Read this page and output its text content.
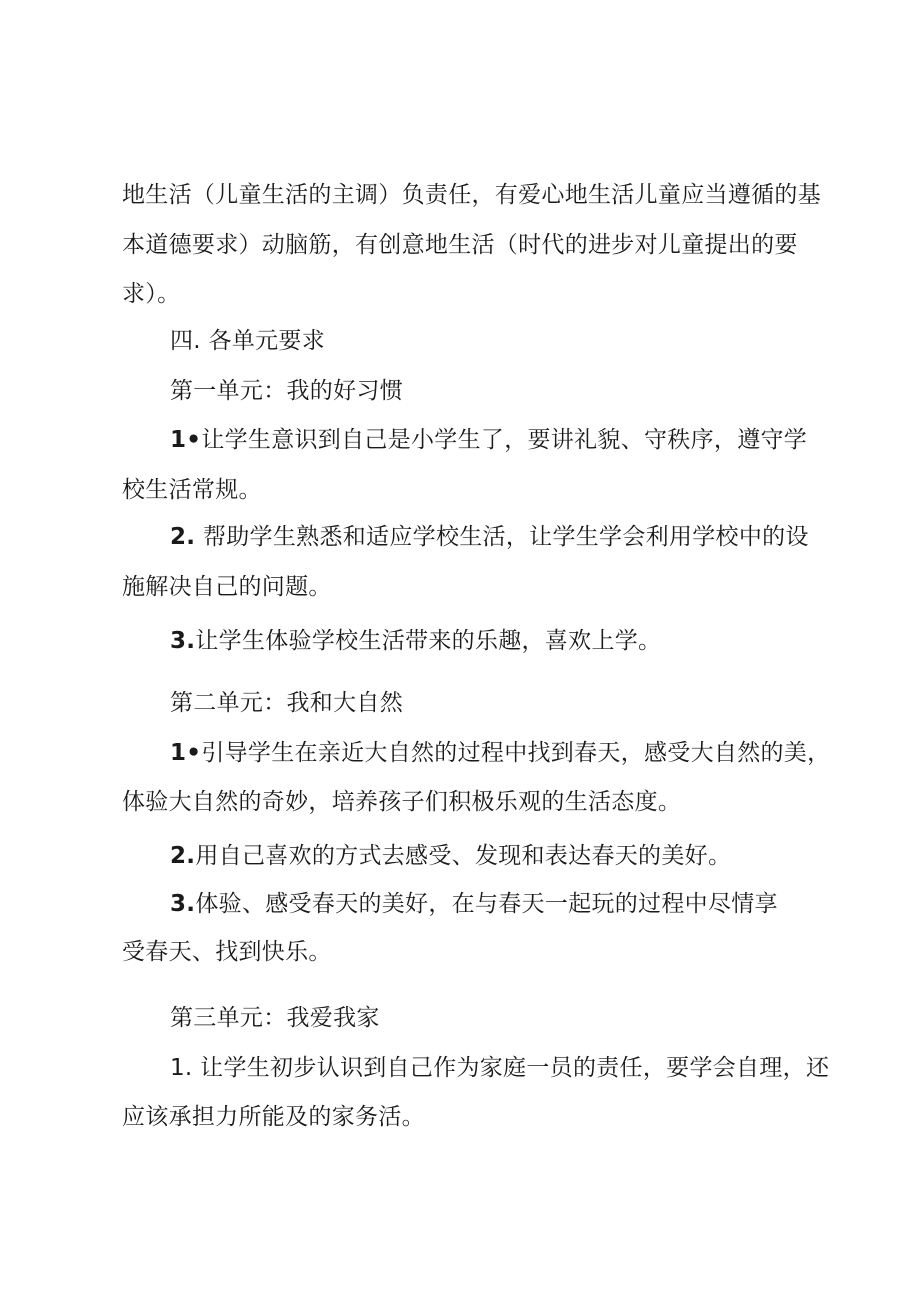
地生活（儿童生活的主调）负责任，有爱心地生活儿童应当遵循的基
本道德要求）动脑筋，有创意地生活（时代的进步对儿童提出的要
求）。
四. 各单元要求
第一单元：我的好习惯
1•让学生意识到自己是小学生了，要讲礼貌、守秩序，遵守学
校生活常规。
2. 帮助学生熟悉和适应学校生活，让学生学会利用学校中的设
施解决自己的问题。
3.让学生体验学校生活带来的乐趣，喜欢上学。
第二单元：我和大自然
1•引导学生在亲近大自然的过程中找到春天，感受大自然的美，
体验大自然的奇妙，培养孩子们积极乐观的生活态度。
2.用自己喜欢的方式去感受、发现和表达春天的美好。
3.体验、感受春天的美好，在与春天一起玩的过程中尽情享
受春天、找到快乐。
第三单元：我爱我家
1. 让学生初步认识到自己作为家庭一员的责任，要学会自理，还
应该承担力所能及的家务活。
